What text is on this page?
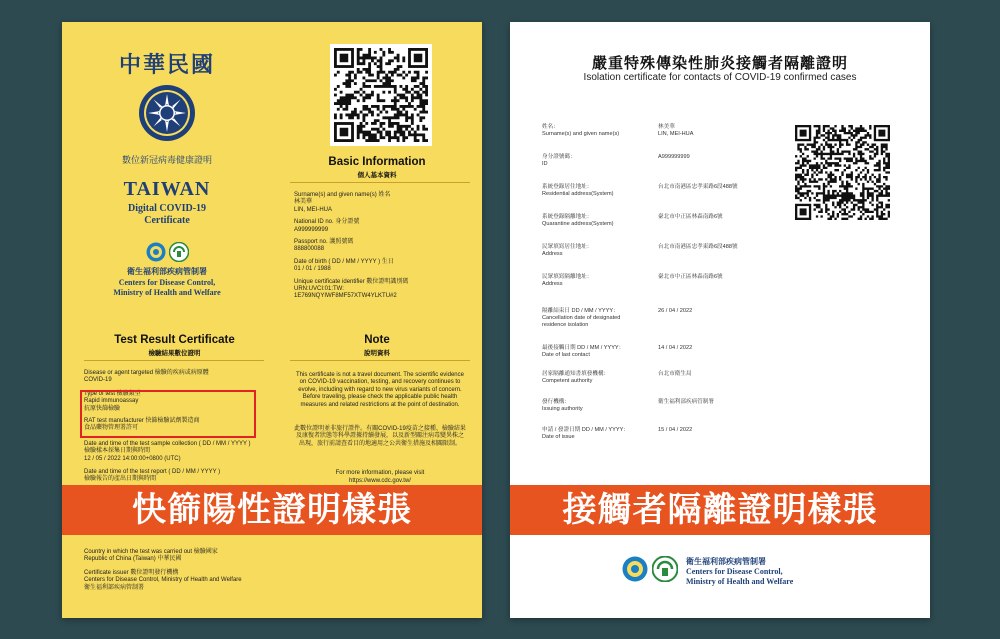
中華民國
數位新冠病毒健康證明
TAIWAN
Digital COVID-19
Certificate
衛生福利部疾病管制署
Centers for Disease Control,
Ministry of Health and Welfare
Basic Information
個人基本資料
Surname(s) and given name(s) 姓名
林美華
LIN, MEI-HUA
National ID no. 身分證號
A999999999
Passport no. 護照號碼
888800088
Date of birth ( DD / MM / YYYY ) 生日
01 / 01 / 1988
Unique certificate identifier 數位證明識別碼
URN:UVCI:01:TW:
1E769NQYIWF8MF57XTW4YLKTU#2
Test Result Certificate
檢驗結果數位證明
Disease or agent targeted 檢驗的疾病或病原體
COVID-19
Type of test 檢驗類型
Rapid immunoassay
抗原快篩檢驗
RAT test manufacturer 快篩檢驗試劑製造商
食品藥物管理署許可
Date and time of the test sample collection ( DD / MM / YYYY )
檢驗樣本採集日期與時間
12 / 05 / 2022 14:00:00+0800 (UTC)
Date and time of the test report ( DD / MM / YYYY )
檢驗報告的產出日期與時間
Note
說明資料
This certificate is not a travel document. The scientific evidence on COVID-19 vaccination, testing, and recovery continues to evolve, including with regard to new virus variants of concern. Before traveling, please check the applicable public health measures and related restrictions at the point of destination.
此數位證明並非旅行證件。有關COVID-19疫苗之接種、檢驗結果及康復者狀態等科學證據持續發展，以及新型關注病毒變異株之出現，旅行前請查看目的地適用之公共衛生措施及相關限制。
For more information, please visit
https://www.cdc.gov.tw/
快篩陽性證明樣張
Country in which the test was carried out 檢驗國家
Republic of China (Taiwan) 中華民國
Certificate issuer 數位證明發行機構
Centers for Disease Control, Ministry of Health and Welfare
衛生福利部疾病管制署
嚴重特殊傳染性肺炎接觸者隔離證明
Isolation certificate for contacts of COVID-19 confirmed cases
姓名：
Surname(s) and given name(s)
林美華
LIN, MEI-HUA
身分證號碼：
ID
A999999999
系統登錄居住地址：
Residential address(System)
台北市南港區忠孝東路6段488號
系統登錄隔離地址：
Quarantine address(System)
臺北市中正區林森南路6號
民眾填寫居住地址：
Address
台北市南港區忠孝東路6段488號
民眾填寫隔離地址：
Address
臺北市中正區林森南路6號
隔離結束日 DD / MM / YYYY：
Cancellation date of designated residence isolation
26 / 04 / 2022
最後接觸日期 DD / MM / YYYY：
Date of last contact
14 / 04 / 2022
居家隔離通知書填發機構：
Competent authority
台北市衛生局
發行機構：
Issuing authority
衛生福利部疾病管制署
申請 / 發證日期 DD / MM / YYYY：
Date of issue
15 / 04 / 2022
接觸者隔離證明樣張
衛生福利部疾病管制署
Centers for Disease Control,
Ministry of Health and Welfare
